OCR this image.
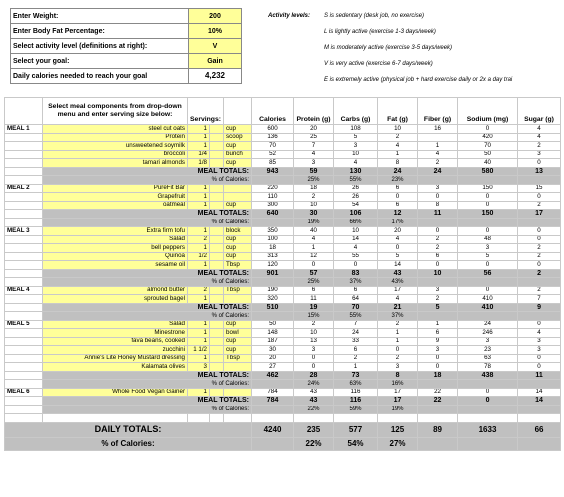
Enter Weight:	200
Enter Body Fat Percentage:	10%
Select activity level (definitions at right):	V
Select your goal:	Gain
Daily calories needed to reach your goal	4,232
Activity levels:	S is sedentary (desk job, no exercise)
L is lightly active (exercise 1-3 days/week)
M is moderately active (exercise 3-5 days/week)
V is very active (exercise 6-7 days/week)
E is extremely active (physical job + hard exercise daily or 2x a day trai
	Select meal components from drop-down menu and enter serving size below:	Servings:			Calories	Protein (g)	Carbs (g)	Fat (g)	Fiber (g)	Sodium (mg)	Sugar (g)
MEAL 1	steel cut oats	1		cup	600	20	108	10	16	0	4
	Protein	1		scoop	136	25	5	2		420	4
	unsweetened soymilk	1		cup	70	7	3	4	1	70	2
	broccoli	1/4		bunch	52	4	10	1	4	50	3
	tamari almonds	1/8		cup	85	3	4	8	2	40	0
	MEAL TOTALS:				943	59	130	24	24	580	13
	% of Calories:					25%	55%	23%			
MEAL 2	PureFit Bar	1			220	18	26	6	3	150	15
	Grapefruit	1			110	2	26	0	0	0	0
	oatmeal	1		cup	300	10	54	6	8	0	2
	MEAL TOTALS:				640	30	106	12	11	150	17
	% of Calories:					19%	66%	17%			
MEAL 3	Extra firm tofu	1		block	350	40	10	20	0	0	0
	Salad	2		cup	100	4	14	4	2	48	0
	bell peppers	1		cup	18	1	4	0	2	3	2
	Quinoa	1/2		cup	313	12	55	5	6	5	2
	sesame oil	1		Tbsp	120	0	0	14	0	0	0
	MEAL TOTALS:				901	57	83	43	10	56	2
	% of Calories:					25%	37%	43%			
MEAL 4	almond butter	2		Tbsp	190	6	6	17	3	0	2
	sprouted bagel	1			320	11	64	4	2	410	7
	MEAL TOTALS:				510	19	70	21	5	410	9
	% of Calories:					15%	55%	37%			
MEAL 5	Salad	1		cup	50	2	7	2	1	24	0
	Minestrone	1		bowl	148	10	24	1	6	246	4
	fava beans, cooked	1		cup	187	13	33	1	9	3	3
	zucchini	1 1/2		cup	30	3	6	0	3	23	3
	Annie's Lite Honey Mustard dressing	1		Tbsp	20	0	2	2	0	63	0
	Kalamata olives	3			27	0	1	3	0	78	0
	MEAL TOTALS:				462	28	73	8	18	438	11
	% of Calories:					24%	63%	16%			
MEAL 6	Whole Food Vegan Gainer	1			784	43	116	17	22	0	14
	MEAL TOTALS:				784	43	116	17	22	0	14
	% of Calories:					22%	59%	19%			

DAILY TOTALS:					4240	235	577	125	89	1633	66
% of Calories:						22%	54%	27%			
